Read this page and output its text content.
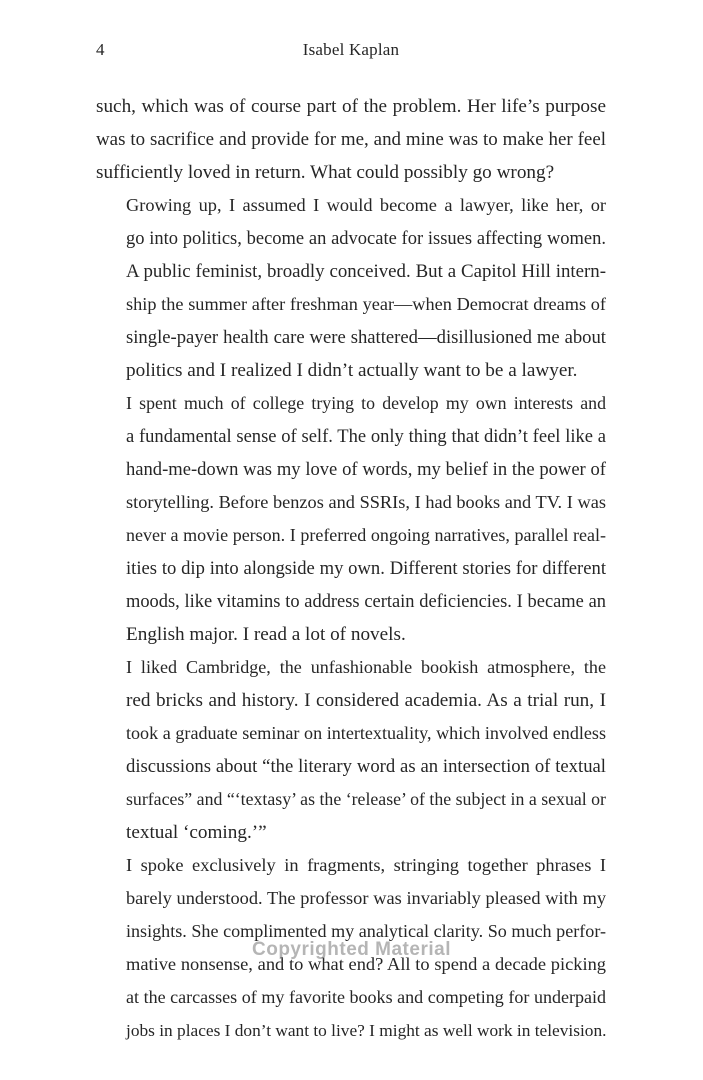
4	Isabel Kaplan

such, which was of course part of the problem. Her life’s purpose
was to sacrifice and provide for me, and mine was to make her feel
sufficiently loved in return. What could possibly go wrong?

Growing up, I assumed I would become a lawyer, like her, or
go into politics, become an advocate for issues affecting women.
A public feminist, broadly conceived. But a Capitol Hill intern-
ship the summer after freshman year—when Democrat dreams of
single-payer health care were shattered—disillusioned me about
politics and I realized I didn’t actually want to be a lawyer.

I spent much of college trying to develop my own interests and
a fundamental sense of self. The only thing that didn’t feel like a
hand-me-down was my love of words, my belief in the power of
storytelling. Before benzos and SSRIs, I had books and TV. I was
never a movie person. I preferred ongoing narratives, parallel real-
ities to dip into alongside my own. Different stories for different
moods, like vitamins to address certain deficiencies. I became an
English major. I read a lot of novels.

I liked Cambridge, the unfashionable bookish atmosphere, the
red bricks and history. I considered academia. As a trial run, I
took a graduate seminar on intertextuality, which involved endless
discussions about “the literary word as an intersection of textual
surfaces” and “‘textasy’ as the ‘release’ of the subject in a sexual or
textual ‘coming.’”

I spoke exclusively in fragments, stringing together phrases I
barely understood. The professor was invariably pleased with my
insights. She complimented my analytical clarity. So much perfor-
mative nonsense, and to what end? All to spend a decade picking
at the carcasses of my favorite books and competing for underpaid
jobs in places I don’t want to live? I might as well work in television.

Copyrighted Material
